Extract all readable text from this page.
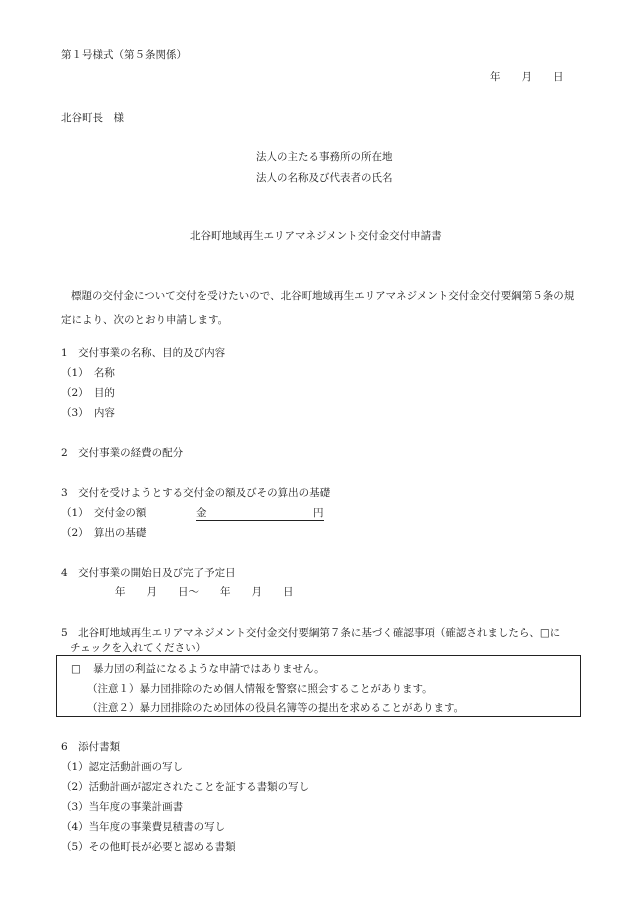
第１号様式（第５条関係）
年　　月　　日
北谷町長　様
法人の主たる事務所の所在地
法人の名称及び代表者の氏名
北谷町地域再生エリアマネジメント交付金交付申請書
標題の交付金について交付を受けたいので、北谷町地域再生エリアマネジメント交付金交付要綱第５条の規定により、次のとおり申請します。
1　交付事業の名称、目的及び内容
（1）　名称
（2）　目的
（3）　内容
2　交付事業の経費の配分
3　交付を受けようとする交付金の額及びその算出の基礎
（1）　交付金の額	金	円
（2）　算出の基礎
4　交付事業の開始日及び完了予定日
年　　月　　日～　　年　　月　　日
5　北谷町地域再生エリアマネジメント交付金交付要綱第７条に基づく確認事項（確認されましたら、□に
チェックを入れてください）
□ 暴力団の利益になるような申請ではありません。
（注意１）暴力団排除のため個人情報を警察に照会することがあります。
（注意２）暴力団排除のため団体の役員名簿等の提出を求めることがあります。
6　添付書類
（1）認定活動計画の写し
（2）活動計画が認定されたことを証する書類の写し
（3）当年度の事業計画書
（4）当年度の事業費見積書の写し
（5）その他町長が必要と認める書類
